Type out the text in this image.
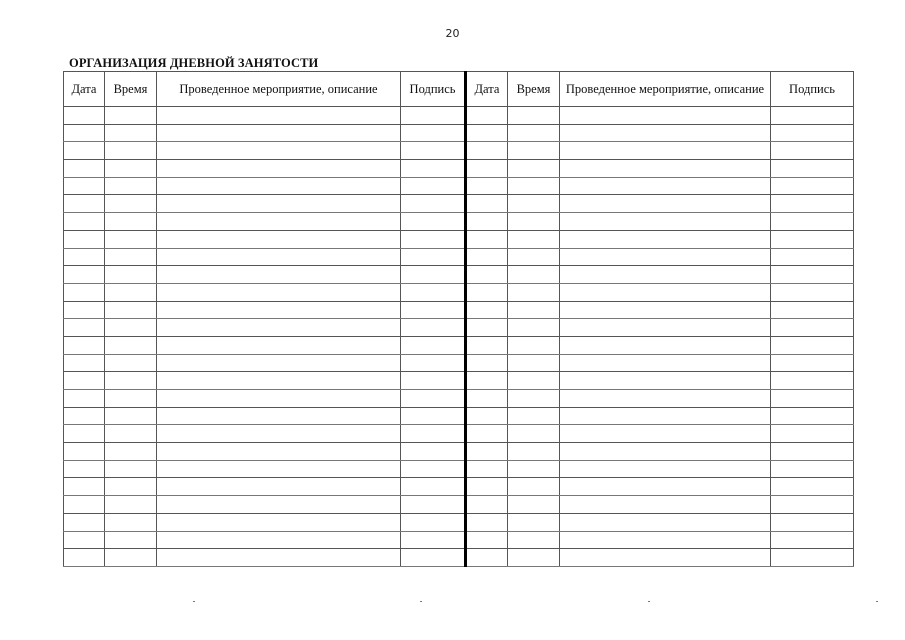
20
ОРГАНИЗАЦИЯ ДНЕВНОЙ ЗАНЯТОСТИ
Дата	Время	Проведенное мероприятие, описание	Подпись	Дата	Время	Проведенное мероприятие, описание	Подпись
